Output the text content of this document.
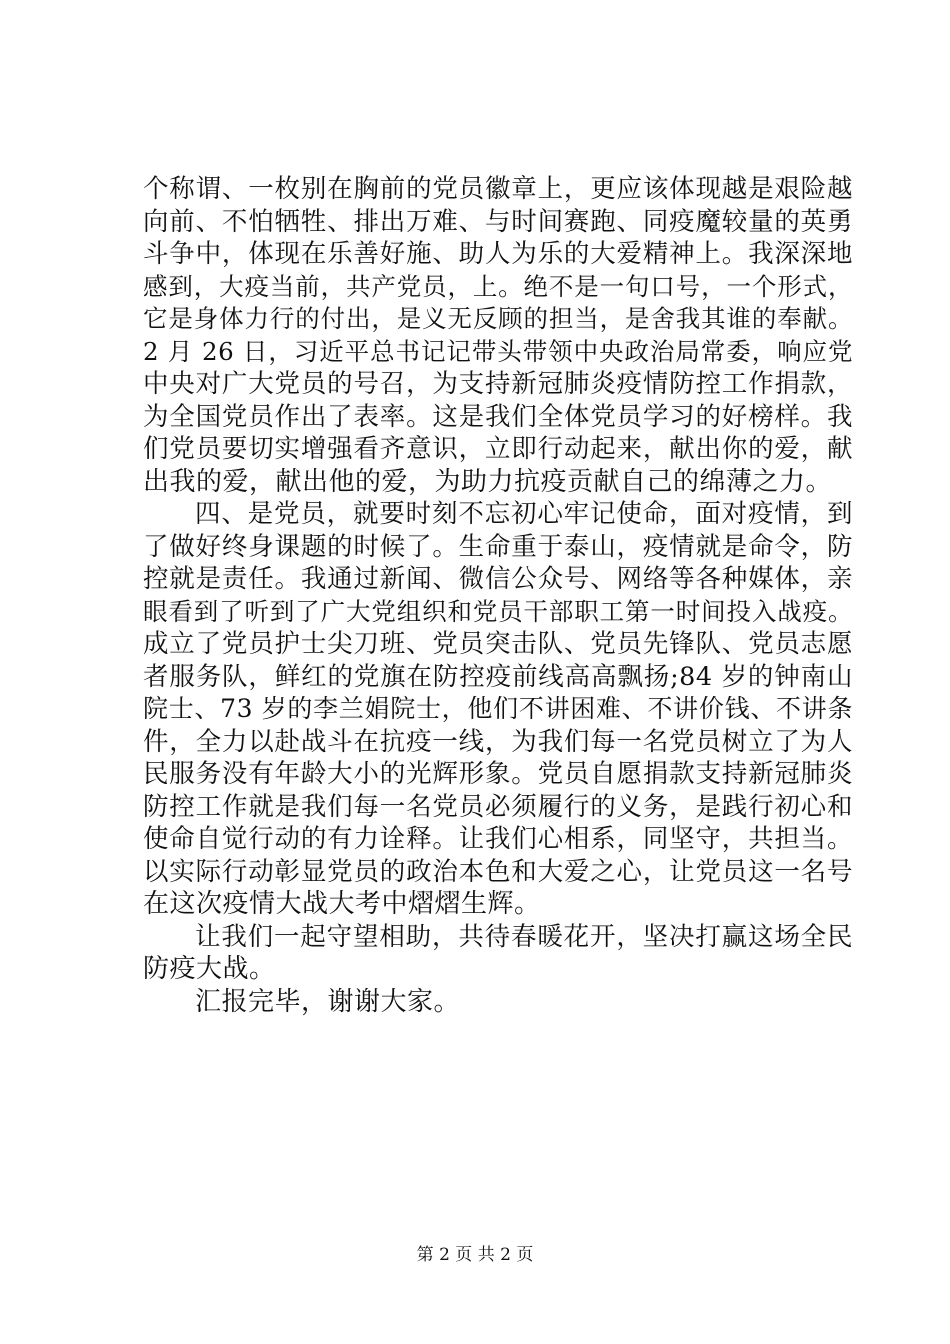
个称谓、一枚别在胸前的党员徽章上，更应该体现越是艰险越
向前、不怕牺牲、排出万难、与时间赛跑、同疫魔较量的英勇
斗争中，体现在乐善好施、助人为乐的大爱精神上。我深深地
感到，大疫当前，共产党员，上。绝不是一句口号，一个形式，
它是身体力行的付出，是义无反顾的担当，是舍我其谁的奉献。
2 月 26 日，习近平总书记记带头带领中央政治局常委，响应党
中央对广大党员的号召，为支持新冠肺炎疫情防控工作捐款，
为全国党员作出了表率。这是我们全体党员学习的好榜样。我
们党员要切实增强看齐意识，立即行动起来，献出你的爱，献
出我的爱，献出他的爱，为助力抗疫贡献自己的绵薄之力。
四、是党员，就要时刻不忘初心牢记使命，面对疫情，到
了做好终身课题的时候了。生命重于泰山，疫情就是命令，防
控就是责任。我通过新闻、微信公众号、网络等各种媒体，亲
眼看到了听到了广大党组织和党员干部职工第一时间投入战疫。
成立了党员护士尖刀班、党员突击队、党员先锋队、党员志愿
者服务队，鲜红的党旗在防控疫前线高高飘扬;84 岁的钟南山
院士、73 岁的李兰娟院士，他们不讲困难、不讲价钱、不讲条
件，全力以赴战斗在抗疫一线，为我们每一名党员树立了为人
民服务没有年龄大小的光辉形象。党员自愿捐款支持新冠肺炎
防控工作就是我们每一名党员必须履行的义务，是践行初心和
使命自觉行动的有力诠释。让我们心相系，同坚守，共担当。
以实际行动彰显党员的政治本色和大爱之心，让党员这一名号
在这次疫情大战大考中熠熠生辉。
让我们一起守望相助，共待春暖花开，坚决打赢这场全民
防疫大战。
汇报完毕，谢谢大家。
第 2 页 共 2 页
